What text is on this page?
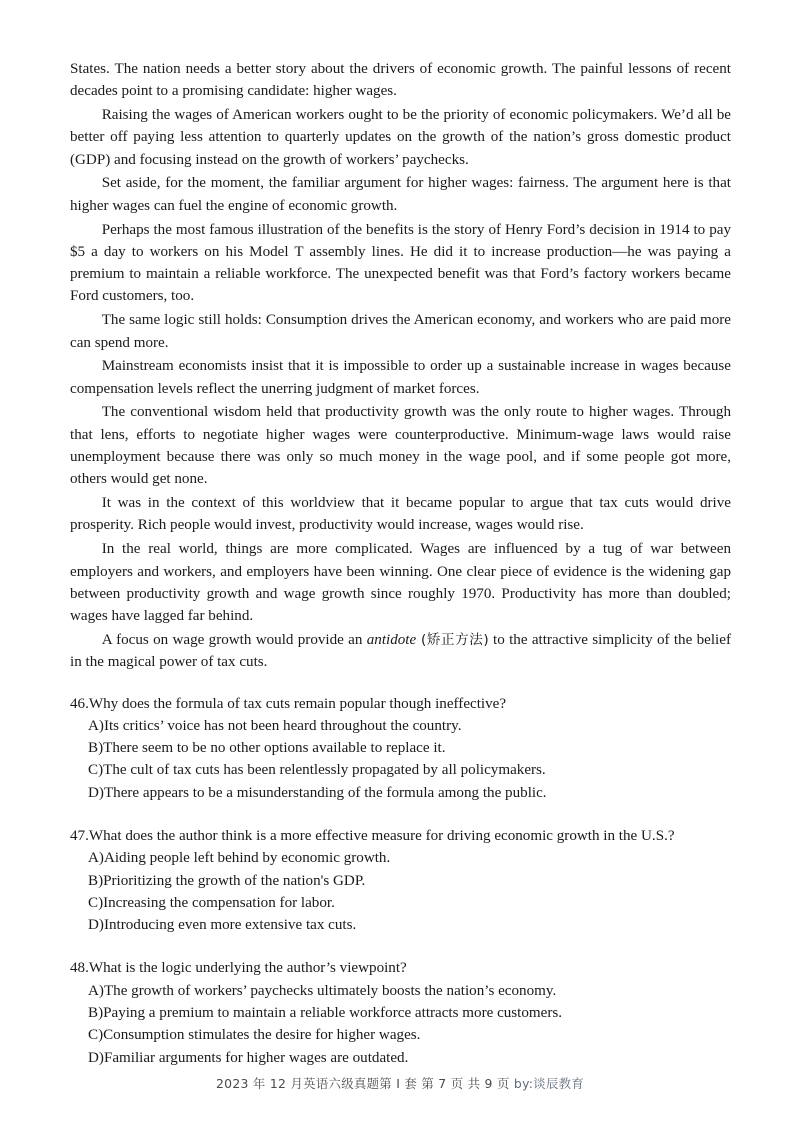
States. The nation needs a better story about the drivers of economic growth. The painful lessons of recent decades point to a promising candidate: higher wages.

Raising the wages of American workers ought to be the priority of economic policymakers. We’d all be better off paying less attention to quarterly updates on the growth of the nation’s gross domestic product (GDP) and focusing instead on the growth of workers’ paychecks.

Set aside, for the moment, the familiar argument for higher wages: fairness. The argument here is that higher wages can fuel the engine of economic growth.

Perhaps the most famous illustration of the benefits is the story of Henry Ford’s decision in 1914 to pay $5 a day to workers on his Model T assembly lines. He did it to increase production—he was paying a premium to maintain a reliable workforce. The unexpected benefit was that Ford’s factory workers became Ford customers, too.

The same logic still holds: Consumption drives the American economy, and workers who are paid more can spend more.

Mainstream economists insist that it is impossible to order up a sustainable increase in wages because compensation levels reflect the unerring judgment of market forces.

The conventional wisdom held that productivity growth was the only route to higher wages. Through that lens, efforts to negotiate higher wages were counterproductive. Minimum-wage laws would raise unemployment because there was only so much money in the wage pool, and if some people got more, others would get none.

It was in the context of this worldview that it became popular to argue that tax cuts would drive prosperity. Rich people would invest, productivity would increase, wages would rise.

In the real world, things are more complicated. Wages are influenced by a tug of war between employers and workers, and employers have been winning. One clear piece of evidence is the widening gap between productivity growth and wage growth since roughly 1970. Productivity has more than doubled; wages have lagged far behind.

A focus on wage growth would provide an antidote (矫正方法) to the attractive simplicity of the belief in the magical power of tax cuts.

46. Why does the formula of tax cuts remain popular though ineffective?
A) Its critics’ voice has not been heard throughout the country.
B) There seem to be no other options available to replace it.
C) The cult of tax cuts has been relentlessly propagated by all policymakers.
D) There appears to be a misunderstanding of the formula among the public.
47. What does the author think is a more effective measure for driving economic growth in the U.S.?
A) Aiding people left behind by economic growth.
B) Prioritizing the growth of the nation's GDP.
C) Increasing the compensation for labor.
D) Introducing even more extensive tax cuts.
48. What is the logic underlying the author’s viewpoint?
A) The growth of workers’ paychecks ultimately boosts the nation’s economy.
B) Paying a premium to maintain a reliable workforce attracts more customers.
C) Consumption stimulates the desire for higher wages.
D) Familiar arguments for higher wages are outdated.
2023 年 12 月英语六级真题第 I 套 第 7 页 共 9 页 by:谈辰教育
